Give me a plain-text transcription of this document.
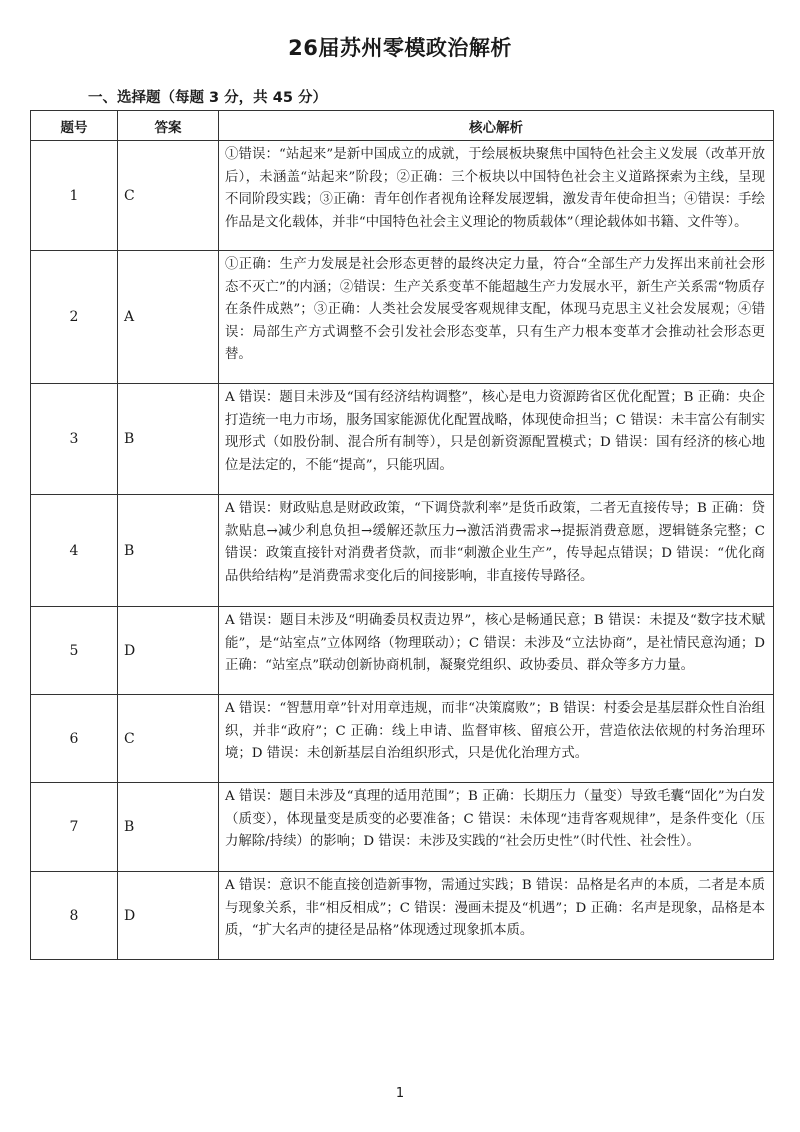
26届苏州零模政治解析
一、选择题（每题 3 分，共 45 分）
题号	答案	核心解析
1	C	①错误：“站起来”是新中国成立的成就，于绘展板块聚焦中国特色社会主义发展（改革开放后），未涵盖“站起来”阶段；②正确：三个板块以中国特色社会主义道路探索为主线，呈现不同阶段实践；③正确：青年创作者视角诠释发展逻辑，激发青年使命担当；④错误：手绘作品是文化载体，并非“中国特色社会主义理论的物质载体”（理论载体如书籍、文件等）。
2	A	①正确：生产力发展是社会形态更替的最终决定力量，符合“全部生产力发挥出来前社会形态不灭亡”的内涵；②错误：生产关系变革不能超越生产力发展水平，新生产关系需“物质存在条件成熟”；③正确：人类社会发展受客观规律支配，体现马克思主义社会发展观；④错误：局部生产方式调整不会引发社会形态变革，只有生产力根本变革才会推动社会形态更替。
3	B	A 错误：题目未涉及“国有经济结构调整”，核心是电力资源跨省区优化配置；B 正确：央企打造统一电力市场，服务国家能源优化配置战略，体现使命担当；C 错误：未丰富公有制实现形式（如股份制、混合所有制等），只是创新资源配置模式；D 错误：国有经济的核心地位是法定的，不能“提高”，只能巩固。
4	B	A 错误：财政贴息是财政政策，“下调贷款利率”是货币政策，二者无直接传导；B 正确：贷款贴息→减少利息负担→缓解还款压力→激活消费需求→提振消费意愿，逻辑链条完整；C 错误：政策直接针对消费者贷款，而非“刺激企业生产”，传导起点错误；D 错误：“优化商品供给结构”是消费需求变化后的间接影响，非直接传导路径。
5	D	A 错误：题目未涉及“明确委员权责边界”，核心是畅通民意；B 错误：未提及“数字技术赋能”，是“站室点”立体网络（物理联动）；C 错误：未涉及“立法协商”，是社情民意沟通；D 正确：“站室点”联动创新协商机制，凝聚党组织、政协委员、群众等多方力量。
6	C	A 错误：“智慧用章”针对用章违规，而非“决策腐败”；B 错误：村委会是基层群众性自治组织，并非“政府”；C 正确：线上申请、监督审核、留痕公开，营造依法依规的村务治理环境；D 错误：未创新基层自治组织形式，只是优化治理方式。
7	B	A 错误：题目未涉及“真理的适用范围”；B 正确：长期压力（量变）导致毛囊“固化”为白发（质变），体现量变是质变的必要准备；C 错误：未体现“违背客观规律”，是条件变化（压力解除/持续）的影响；D 错误：未涉及实践的“社会历史性”（时代性、社会性）。
8	D	A 错误：意识不能直接创造新事物，需通过实践；B 错误：品格是名声的本质，二者是本质与现象关系，非“相反相成”；C 错误：漫画未提及“机遇”；D 正确：名声是现象，品格是本质，“扩大名声的捷径是品格”体现透过现象抓本质。
1
